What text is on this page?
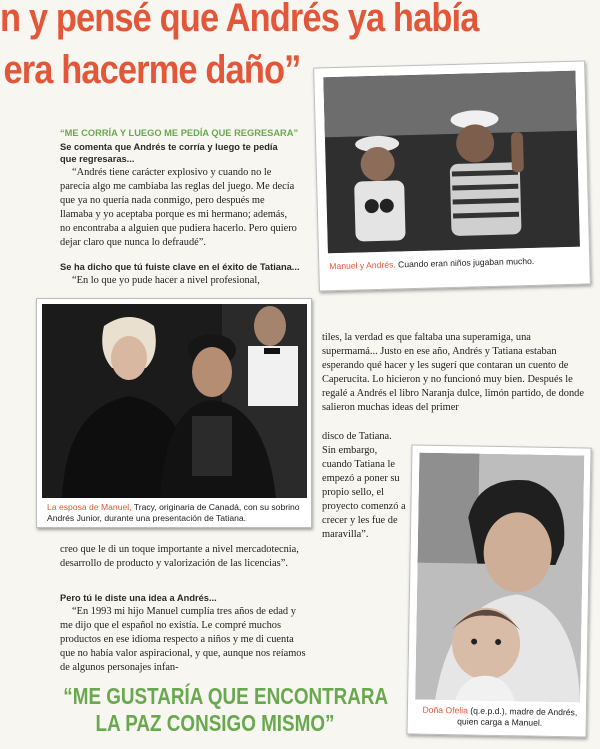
n y pensé que Andrés ya había
era hacerme daño”
“ME CORRÍA Y LUEGO ME PEDÍA QUE REGRESARA”
Se comenta que Andrés te corría y luego te pedía que regresaras...

“Andrés tiene carácter explosivo y cuando no le parecía algo me cambiaba las reglas del juego. Me decía que ya no quería nada conmigo, pero después me llamaba y yo aceptaba porque es mi hermano; además, no encontraba a alguien que pudiera hacerlo. Pero quiero dejar claro que nunca lo defraudé”.

Se ha dicho que tú fuiste clave en el éxito de Tatiana...

“En lo que yo pude hacer a nivel profesional,

Manuel y Andrés. Cuando eran niños jugaban mucho.
La esposa de Manuel, Tracy, originaria de Canadá, con su sobrino Andrés Junior, durante una presentación de Tatiana.

creo que le di un toque importante a nivel mercadotecnia, desarrollo de producto y valorización de las licencias”.

Pero tú le diste una idea a Andrés...

“En 1993 mi hijo Manuel cumplía tres años de edad y me dijo que el español no existía. Le compré muchos productos en ese idioma respecto a niños y me di cuenta que no había valor aspiracional, y que, aunque nos reíamos de algunos personajes infan-

tiles, la verdad es que faltaba una superamiga, una supermamá... Justo en ese año, Andrés y Tatiana estaban esperando qué hacer y les sugerí que contaran un cuento de Caperucita. Lo hicieron y no funcionó muy bien. Después le regalé a Andrés el libro Naranja dulce, limón partido, de donde salieron muchas ideas del primer

disco de Tatiana. Sin embargo, cuando Tatiana le empezó a poner su propio sello, el proyecto comenzó a crecer y les fue de maravilla”.

Doña Ofelia (q.e.p.d.), madre de Andrés, quien carga a Manuel.
“ME GUSTARÍA QUE ENCONTRARA
LA PAZ CONSIGO MISMO”
